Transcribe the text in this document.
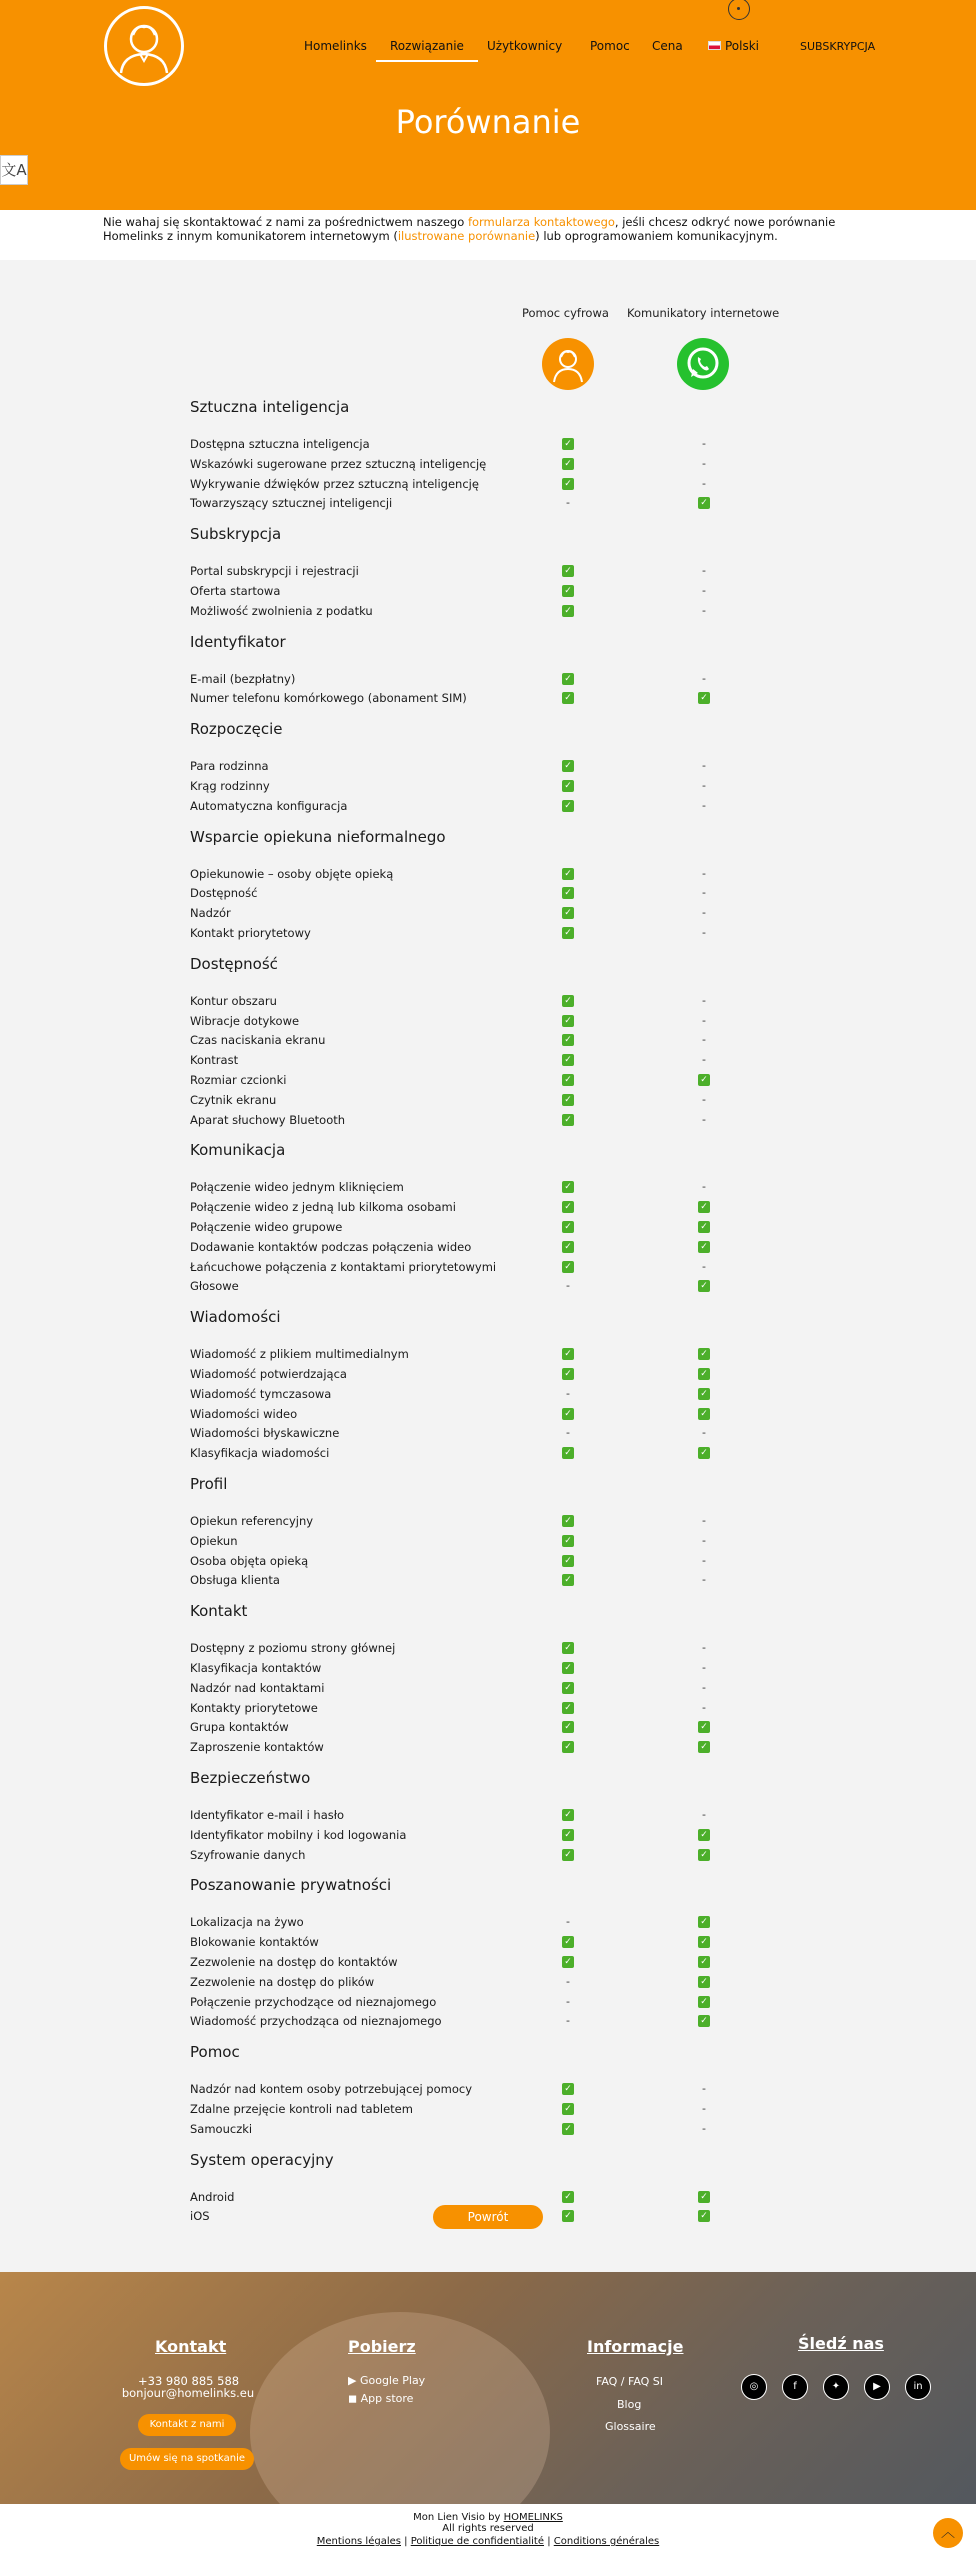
Homelinks Rozwiązanie Użytkownicy Pomoc Cena	Polski	SUBSKRYPCJA
Porównanie
文A

Nie wahaj się skontaktować z nami za pośrednictwem naszego formularza kontaktowego, jeśli chcesz odkryć nowe porównanie Homelinks z innym komunikatorem internetowym (ilustrowane porównanie) lub oprogramowaniem komunikacyjnym.

Pomoc cyfrowa Komunikatory internetowe
Sztuczna inteligencja
Dostępna sztuczna inteligencja	✓	-
Wskazówki sugerowane przez sztuczną inteligencję	✓	-
Wykrywanie dźwięków przez sztuczną inteligencję	✓	-
Towarzyszący sztucznej inteligencji	-	✓
Subskrypcja
Portal subskrypcji i rejestracji	✓	-
Oferta startowa	✓	-
Możliwość zwolnienia z podatku	✓	-
Identyfikator
E-mail (bezpłatny)	✓	-
Numer telefonu komórkowego (abonament SIM)	✓	✓
Rozpoczęcie
Para rodzinna	✓	-
Krąg rodzinny	✓	-
Automatyczna konfiguracja	✓	-
Wsparcie opiekuna nieformalnego
Opiekunowie – osoby objęte opieką	✓	-
Dostępność	✓	-
Nadzór	✓	-
Kontakt priorytetowy	✓	-
Dostępność
Kontur obszaru	✓	-
Wibracje dotykowe	✓	-
Czas naciskania ekranu	✓	-
Kontrast	✓	-
Rozmiar czcionki	✓	✓
Czytnik ekranu	✓	-
Aparat słuchowy Bluetooth	✓	-
Komunikacja
Połączenie wideo jednym kliknięciem	✓	-
Połączenie wideo z jedną lub kilkoma osobami	✓	✓
Połączenie wideo grupowe	✓	✓
Dodawanie kontaktów podczas połączenia wideo	✓	✓
Łańcuchowe połączenia z kontaktami priorytetowymi	✓	-
Głosowe	-	✓
Wiadomości
Wiadomość z plikiem multimedialnym	✓	✓
Wiadomość potwierdzająca	✓	✓
Wiadomość tymczasowa	-	✓
Wiadomości wideo	✓	✓
Wiadomości błyskawiczne	-	-
Klasyfikacja wiadomości	✓	✓
Profil
Opiekun referencyjny	✓	-
Opiekun	✓	-
Osoba objęta opieką	✓	-
Obsługa klienta	✓	-
Kontakt
Dostępny z poziomu strony głównej	✓	-
Klasyfikacja kontaktów	✓	-
Nadzór nad kontaktami	✓	-
Kontakty priorytetowe	✓	-
Grupa kontaktów	✓	✓
Zaproszenie kontaktów	✓	✓
Bezpieczeństwo
Identyfikator e-mail i hasło	✓	-
Identyfikator mobilny i kod logowania	✓	✓
Szyfrowanie danych	✓	✓
Poszanowanie prywatności
Lokalizacja na żywo	-	✓
Blokowanie kontaktów	✓	✓
Zezwolenie na dostęp do kontaktów	✓	✓
Zezwolenie na dostęp do plików	-	✓
Połączenie przychodzące od nieznajomego	-	✓
Wiadomość przychodząca od nieznajomego	-	✓
Pomoc
Nadzór nad kontem osoby potrzebującej pomocy	✓	-
Zdalne przejęcie kontroli nad tabletem	✓	-
Samouczki	✓	-
System operacyjny
Android	✓	✓
iOS	✓	✓
Powrót
Kontakt
+33 980 885 588
bonjour@homelinks.eu
Kontakt z nami
Umów się na spotkanie
Pobierz
▶ Google Play
◼ App store
Informacje
FAQ / FAQ SI
Blog
Glossaire
Śledź nas
◎	f	✦	▶	in
Mon Lien Visio by HOMELINKS
All rights reserved
Mentions légales | Politique de confidentialité | Conditions générales
︿
